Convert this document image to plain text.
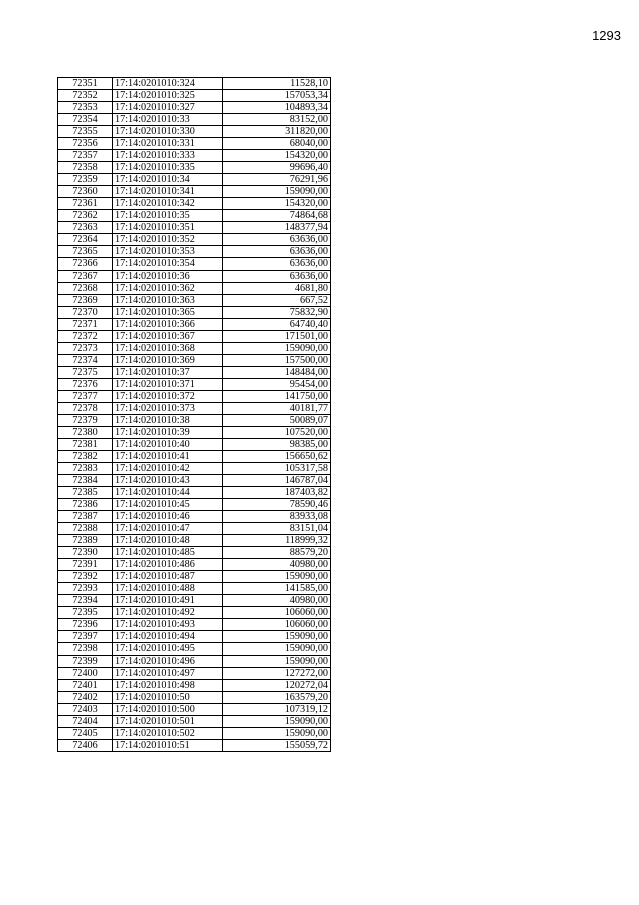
1293
72351	17:14:0201010:324	11528,10
72352	17:14:0201010:325	157053,34
72353	17:14:0201010:327	104893,34
72354	17:14:0201010:33	83152,00
72355	17:14:0201010:330	311820,00
72356	17:14:0201010:331	68040,00
72357	17:14:0201010:333	154320,00
72358	17:14:0201010:335	99696,40
72359	17:14:0201010:34	76291,96
72360	17:14:0201010:341	159090,00
72361	17:14:0201010:342	154320,00
72362	17:14:0201010:35	74864,68
72363	17:14:0201010:351	148377,94
72364	17:14:0201010:352	63636,00
72365	17:14:0201010:353	63636,00
72366	17:14:0201010:354	63636,00
72367	17:14:0201010:36	63636,00
72368	17:14:0201010:362	4681,80
72369	17:14:0201010:363	667,52
72370	17:14:0201010:365	75832,90
72371	17:14:0201010:366	64740,40
72372	17:14:0201010:367	171501,00
72373	17:14:0201010:368	159090,00
72374	17:14:0201010:369	157500,00
72375	17:14:0201010:37	148484,00
72376	17:14:0201010:371	95454,00
72377	17:14:0201010:372	141750,00
72378	17:14:0201010:373	40181,77
72379	17:14:0201010:38	50089,07
72380	17:14:0201010:39	107520,00
72381	17:14:0201010:40	98385,00
72382	17:14:0201010:41	156650,62
72383	17:14:0201010:42	105317,58
72384	17:14:0201010:43	146787,04
72385	17:14:0201010:44	187403,82
72386	17:14:0201010:45	78590,46
72387	17:14:0201010:46	83933,08
72388	17:14:0201010:47	83151,04
72389	17:14:0201010:48	118999,32
72390	17:14:0201010:485	88579,20
72391	17:14:0201010:486	40980,00
72392	17:14:0201010:487	159090,00
72393	17:14:0201010:488	141585,00
72394	17:14:0201010:491	40980,00
72395	17:14:0201010:492	106060,00
72396	17:14:0201010:493	106060,00
72397	17:14:0201010:494	159090,00
72398	17:14:0201010:495	159090,00
72399	17:14:0201010:496	159090,00
72400	17:14:0201010:497	127272,00
72401	17:14:0201010:498	120272,04
72402	17:14:0201010:50	163579,20
72403	17:14:0201010:500	107319,12
72404	17:14:0201010:501	159090,00
72405	17:14:0201010:502	159090,00
72406	17:14:0201010:51	155059,72
